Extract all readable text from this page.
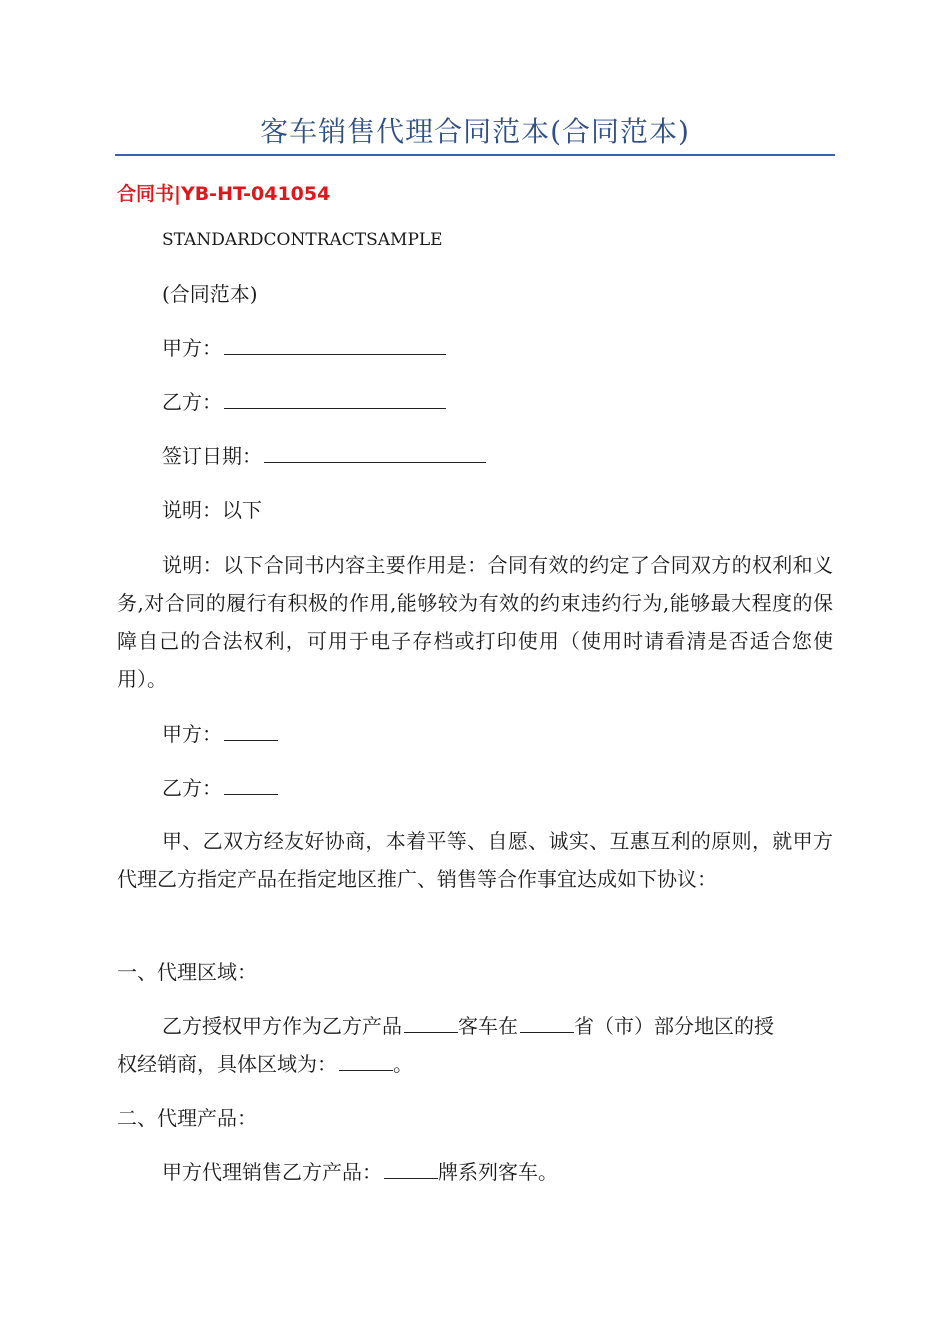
客车销售代理合同范本(合同范本)
合同书|YB-HT-041054
STANDARDCONTRACTSAMPLE
(合同范本)
甲方：
乙方：
签订日期：
说明：以下
说明：以下合同书内容主要作用是：合同有效的约定了合同双方的权利和义务,对合同的履行有积极的作用,能够较为有效的约束违约行为,能够最大程度的保障自己的合法权利，可用于电子存档或打印使用（使用时请看清是否适合您使用）。
甲方：
乙方：
甲、乙双方经友好协商，本着平等、自愿、诚实、互惠互利的原则，就甲方代理乙方指定产品在指定地区推广、销售等合作事宜达成如下协议：
一、代理区域：
乙方授权甲方作为乙方产品	客车在	省（市）部分地区的授
权经销商，具体区域为：	。
二、代理产品：
甲方代理销售乙方产品：	牌系列客车。
